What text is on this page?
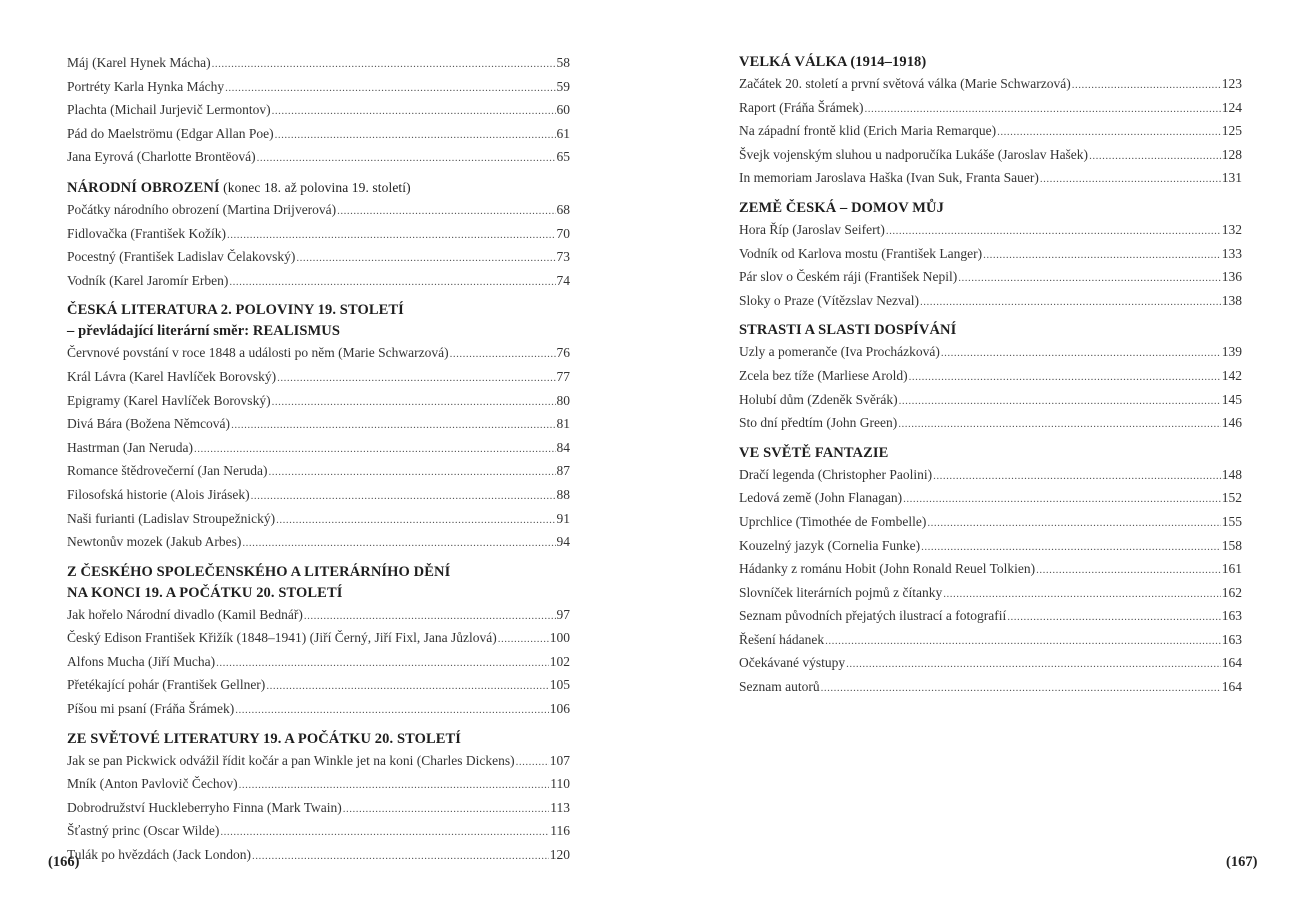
Máj (Karel Hynek Mácha) .....	58
Portréty Karla Hynka Máchy .....	59
Plachta (Michail Jurjevič Lermontov) .....	60
Pád do Maelströmu (Edgar Allan Poe) .....	61
Jana Eyrová (Charlotte Brontëová) .....	65
NÁRODNÍ OBROZENÍ (konec 18. až polovina 19. století)
Počátky národního obrození (Martina Drijverová) .....	68
Fidlovačka (František Kožík) .....	70
Pocestný (František Ladislav Čelakovský) .....	73
Vodník (Karel Jaromír Erben) .....	74
ČESKÁ LITERATURA 2. POLOVINY 19. STOLETÍ
– převládající literární směr: REALISMUS
Červnové povstání v roce 1848 a události po něm (Marie Schwarzová) .....	76
Král Lávra (Karel Havlíček Borovský) .....	77
Epigramy (Karel Havlíček Borovský) .....	80
Divá Bára (Božena Němcová) .....	81
Hastrman (Jan Neruda) .....	84
Romance štědrovečerní (Jan Neruda) .....	87
Filosofská historie (Alois Jirásek) .....	88
Naši furianti (Ladislav Stroupežnický) .....	91
Newtonův mozek (Jakub Arbes) .....	94
Z ČESKÉHO SPOLEČENSKÉHO A LITERÁRNÍHO DĚNÍ
NA KONCI 19. A POČÁTKU 20. STOLETÍ
Jak hořelo Národní divadlo (Kamil Bednář) .....	97
Český Edison František Křižík (1848–1941) (Jiří Černý, Jiří Fixl, Jana Jůzlová) .....	100
Alfons Mucha (Jiří Mucha) .....	102
Přetékající pohár (František Gellner) .....	105
Píšou mi psaní (Fráňa Šrámek) .....	106
ZE SVĚTOVÉ LITERATURY 19. A POČÁTKU 20. STOLETÍ
Jak se pan Pickwick odvážil řídit kočár a pan Winkle jet na koni (Charles Dickens) .....	107
Mník (Anton Pavlovič Čechov) .....	110
Dobrodružství Huckleberryho Finna (Mark Twain) .....	113
Šťastný princ (Oscar Wilde) .....	116
Tulák po hvězdách (Jack London) .....	120
VELKÁ VÁLKA (1914–1918)
Začátek 20. století a první světová válka (Marie Schwarzová) .....	123
Raport (Fráňa Šrámek) .....	124
Na západní frontě klid (Erich Maria Remarque) .....	125
Švejk vojenským sluhou u nadporučíka Lukáše (Jaroslav Hašek) .....	128
In memoriam Jaroslava Haška (Ivan Suk, Franta Sauer) .....	131
ZEMĚ ČESKÁ – DOMOV MŮJ
Hora Říp (Jaroslav Seifert) .....	132
Vodník od Karlova mostu (František Langer) .....	133
Pár slov o Českém ráji (František Nepil) .....	136
Sloky o Praze (Vítězslav Nezval) .....	138
STRASTI A SLASTI DOSPÍVÁNÍ
Uzly a pomeranče (Iva Procházková) .....	139
Zcela bez tíže (Marliese Arold) .....	142
Holubí dům (Zdeněk Svěrák) .....	145
Sto dní předtím (John Green) .....	146
VE SVĚTĚ FANTAZIE
Dračí legenda (Christopher Paolini) .....	148
Ledová země (John Flanagan) .....	152
Uprchlice (Timothée de Fombelle) .....	155
Kouzelný jazyk (Cornelia Funke) .....	158
Hádanky z románu Hobit (John Ronald Reuel Tolkien) .....	161
Slovníček literárních pojmů z čítanky .....	162
Seznam původních přejatých ilustrací a fotografií .....	163
Řešení hádanek .....	163
Očekávané výstupy .....	164
Seznam autorů .....	164
(166)	(167)
